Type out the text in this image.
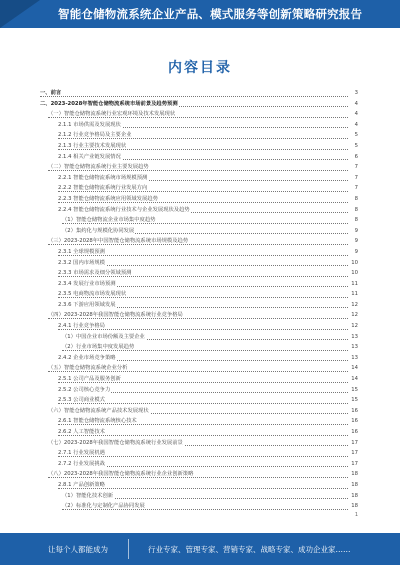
智能仓储物流系统企业产品、模式服务等创新策略研究报告
内容目录
一、前言	3
二、2023-2028年智能仓储物流系统市场前景及趋势预测	4
（一）智能仓储物流系统行业宏观环境及技术发展现状	4
2.1.1 市场供需及发展现状	4
2.1.2 行业竞争格局及主要企业	5
2.1.3 行业主要技术发展现状	5
2.1.4 相关产业链发展情况	6
（二）智能仓储物流系统行业主要发展趋势	7
2.2.1 智能仓储物流系统市场规模预测	7
2.2.2 智能仓储物流系统行业发展方向	7
2.2.3 智能仓储物流系统应用领域发展趋势	8
2.2.4 智能仓储物流系统行业技术与企业发展现状及趋势	8
（1）智能仓储物流企业市场集中度趋势	8
（2）集约化与规模化协同发展	9
（三）2023-2028年中国智能仓储物流系统市场规模及趋势	9
2.3.1 全球规模预测	9
2.3.2 国内市场规模	10
2.3.3 市场需求及细分领域预测	10
2.3.4 发展行业市场预测	11
2.3.5 电商物流市场发展现状	11
2.3.6 下游应用领域发展	12
（四）2023-2028年我国智能仓储物流系统行业竞争格局	12
2.4.1 行业竞争格局	12
（1）中国企业市场份额及主要企业	13
（2）行业市场集中度发展趋势	13
2.4.2 企业市场竞争策略	13
（五）智能仓储物流系统企业分析	14
2.5.1 公司产品及服务创新	14
2.5.2 公司核心竞争力	15
2.5.3 公司商业模式	15
（六）智能仓储物流系统产品技术发展现状	16
2.6.1 智能仓储物流系统核心技术	16
2.6.2 人工智能技术	16
（七）2023-2028年我国智能仓储物流系统行业发展前景	17
2.7.1 行业发展机遇	17
2.7.2 行业发展挑战	17
（八）2023-2028年我国智能仓储物流系统行业企业创新策略	18
2.8.1 产品创新策略	18
（1）智能化技术创新	18
（2）标准化与定制化产品协同发展	18
1
让每个人都能成为	行业专家、管理专家、营销专家、战略专家、成功企业家……
